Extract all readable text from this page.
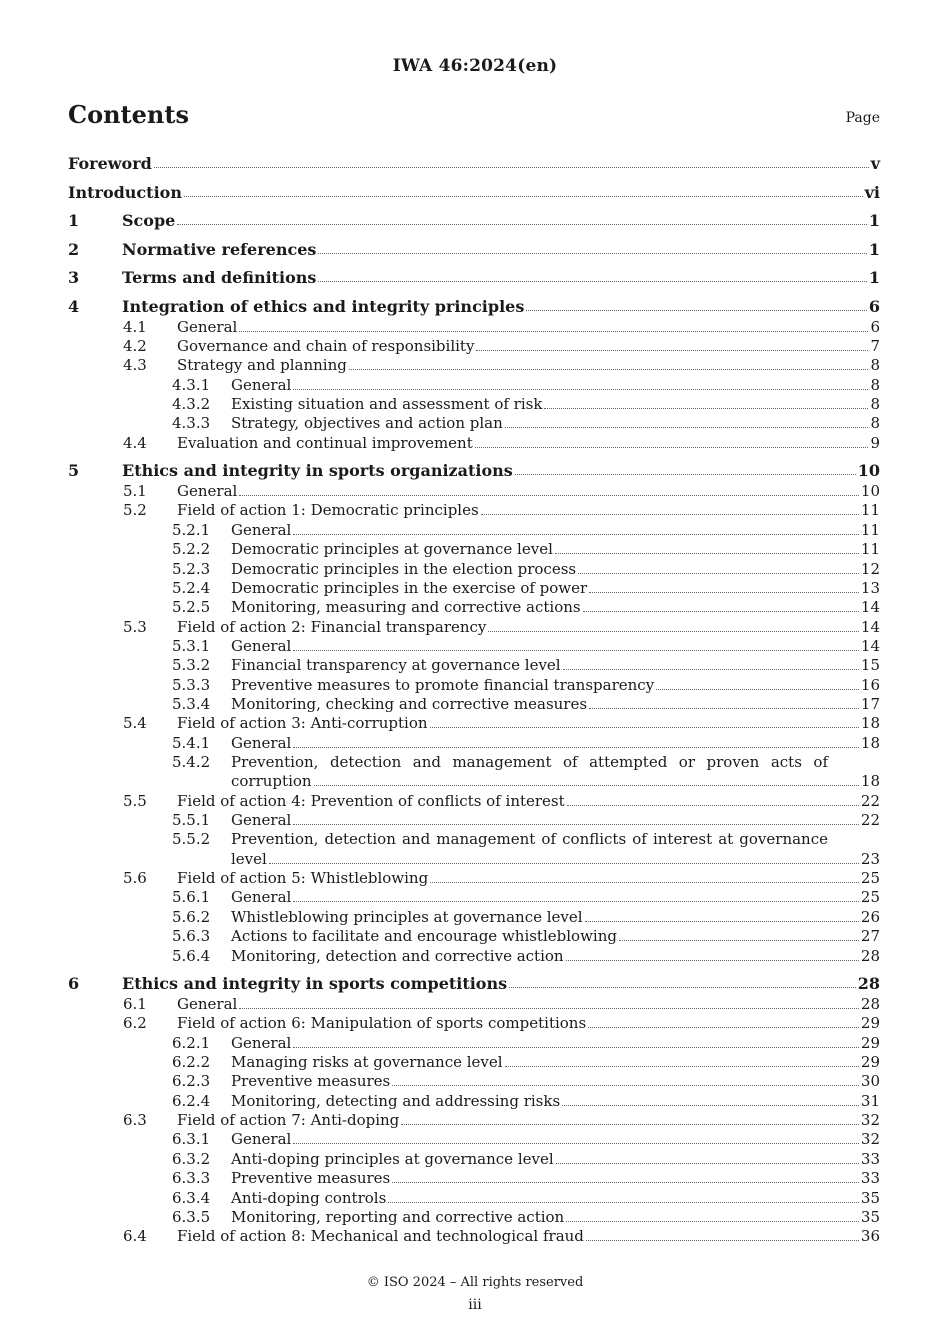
IWA 46:2024(en)
Contents	Page
Foreword	v
Introduction	vi
1	Scope	1
2	Normative references	1
3	Terms and definitions	1
4	Integration of ethics and integrity principles	6
4.1 General	6
4.2 Governance and chain of responsibility	7
4.3 Strategy and planning	8
4.3.1 General	8
4.3.2 Existing situation and assessment of risk	8
4.3.3 Strategy, objectives and action plan	8
4.4 Evaluation and continual improvement	9
5	Ethics and integrity in sports organizations	10
5.1 General	10
5.2 Field of action 1: Democratic principles	11
5.2.1 General	11
5.2.2 Democratic principles at governance level	11
5.2.3 Democratic principles in the election process	12
5.2.4 Democratic principles in the exercise of power	13
5.2.5 Monitoring, measuring and corrective actions	14
5.3 Field of action 2: Financial transparency	14
5.3.1 General	14
5.3.2 Financial transparency at governance level	15
5.3.3 Preventive measures to promote financial transparency	16
5.3.4 Monitoring, checking and corrective measures	17
5.4 Field of action 3: Anti-corruption	18
5.4.1 General	18
5.4.2 Prevention, detection and management of attempted or proven acts of
corruption	18
5.5 Field of action 4: Prevention of conflicts of interest	22
5.5.1 General	22
5.5.2 Prevention, detection and management of conflicts of interest at governance
level	23
5.6 Field of action 5: Whistleblowing	25
5.6.1 General	25
5.6.2 Whistleblowing principles at governance level	26
5.6.3 Actions to facilitate and encourage whistleblowing	27
5.6.4 Monitoring, detection and corrective action	28
6	Ethics and integrity in sports competitions	28
6.1 General	28
6.2 Field of action 6: Manipulation of sports competitions	29
6.2.1 General	29
6.2.2 Managing risks at governance level	29
6.2.3 Preventive measures	30
6.2.4 Monitoring, detecting and addressing risks	31
6.3 Field of action 7: Anti-doping	32
6.3.1 General	32
6.3.2 Anti-doping principles at governance level	33
6.3.3 Preventive measures	33
6.3.4 Anti-doping controls	35
6.3.5 Monitoring, reporting and corrective action	35
6.4 Field of action 8: Mechanical and technological fraud	36
© ISO 2024 – All rights reserved
iii
